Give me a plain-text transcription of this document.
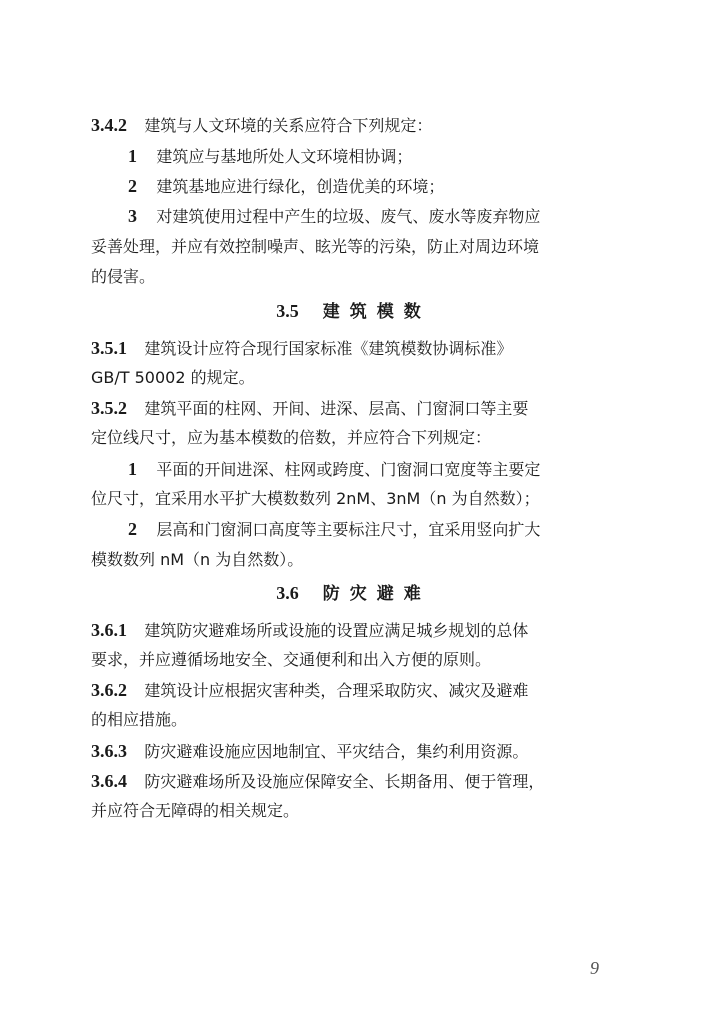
3.4.2 建筑与人文环境的关系应符合下列规定：
1 建筑应与基地所处人文环境相协调；
2 建筑基地应进行绿化，创造优美的环境；
3 对建筑使用过程中产生的垃圾、废气、废水等废弃物应
妥善处理，并应有效控制噪声、眩光等的污染，防止对周边环境
的侵害。
3.5 建筑模数
3.5.1 建筑设计应符合现行国家标准《建筑模数协调标准》
GB/T 50002 的规定。
3.5.2 建筑平面的柱网、开间、进深、层高、门窗洞口等主要
定位线尺寸，应为基本模数的倍数，并应符合下列规定：
1 平面的开间进深、柱网或跨度、门窗洞口宽度等主要定
位尺寸，宜采用水平扩大模数数列 2nM、3nM（n 为自然数）；
2 层高和门窗洞口高度等主要标注尺寸，宜采用竖向扩大
模数数列 nM（n 为自然数）。
3.6 防灾避难
3.6.1 建筑防灾避难场所或设施的设置应满足城乡规划的总体
要求，并应遵循场地安全、交通便利和出入方便的原则。
3.6.2 建筑设计应根据灾害种类，合理采取防灾、减灾及避难
的相应措施。
3.6.3 防灾避难设施应因地制宜、平灾结合，集约利用资源。
3.6.4 防灾避难场所及设施应保障安全、长期备用、便于管理，
并应符合无障碍的相关规定。
9
